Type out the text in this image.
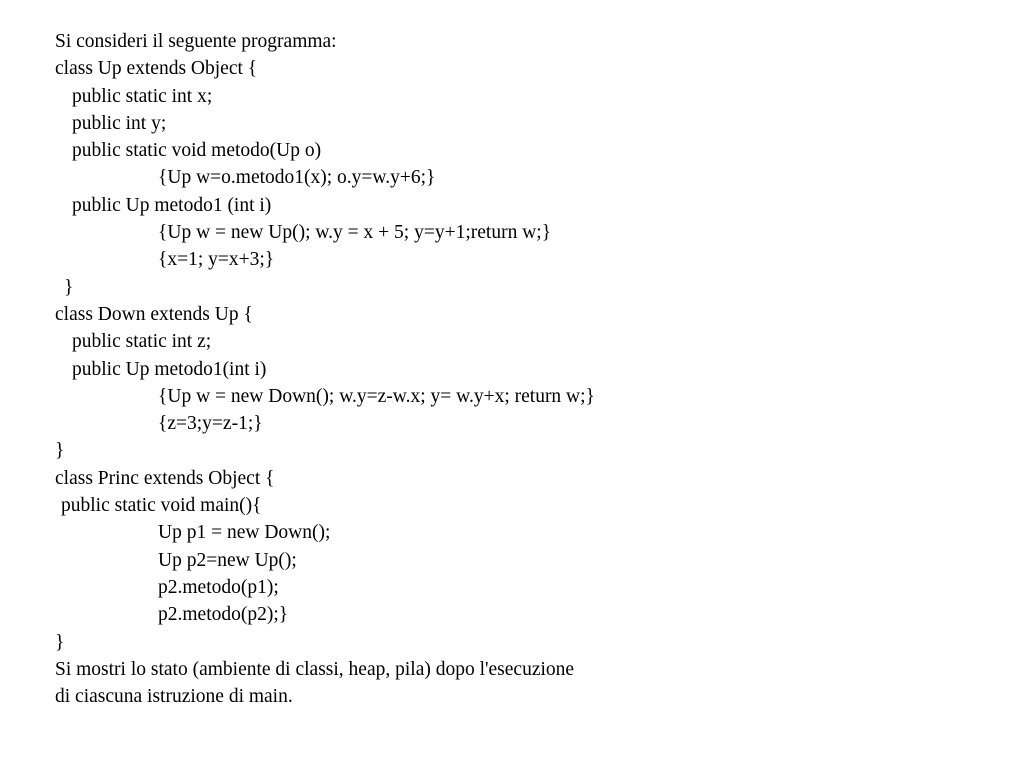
Si consideri il seguente programma:
class Up extends Object {
public static int x;
public int y;
public static void metodo(Up o)
{Up w=o.metodo1(x); o.y=w.y+6;}
public Up metodo1 (int i)
{Up w = new Up(); w.y = x + 5; y=y+1;return w;}
{x=1; y=x+3;}
}
class Down extends Up {
public static int z;
public Up metodo1(int i)
{Up w = new Down(); w.y=z-w.x; y= w.y+x; return w;}
{z=3;y=z-1;}
}
class Princ extends Object {
public static void main(){
Up p1 = new Down();
Up p2=new Up();
p2.metodo(p1);
p2.metodo(p2);}
}
Si mostri lo stato (ambiente di classi, heap, pila) dopo l'esecuzione
di ciascuna istruzione di main.
